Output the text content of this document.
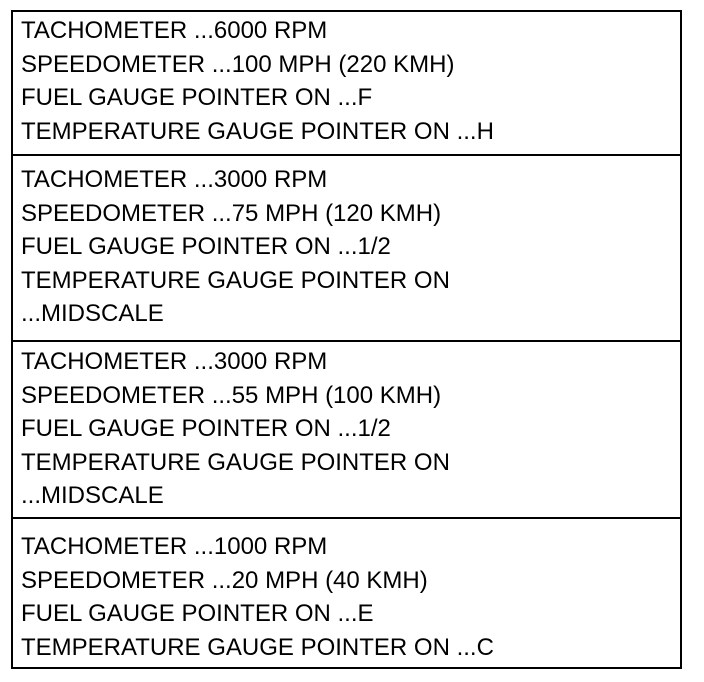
TACHOMETER ...6000 RPM
SPEEDOMETER ...100 MPH (220 KMH)
FUEL GAUGE POINTER ON ...F
TEMPERATURE GAUGE POINTER ON ...H
TACHOMETER ...3000 RPM
SPEEDOMETER ...75 MPH (120 KMH)
FUEL GAUGE POINTER ON ...1/2
TEMPERATURE GAUGE POINTER ON
...MIDSCALE
TACHOMETER ...3000 RPM
SPEEDOMETER ...55 MPH (100 KMH)
FUEL GAUGE POINTER ON ...1/2
TEMPERATURE GAUGE POINTER ON
...MIDSCALE
TACHOMETER ...1000 RPM
SPEEDOMETER ...20 MPH (40 KMH)
FUEL GAUGE POINTER ON ...E
TEMPERATURE GAUGE POINTER ON ...C
